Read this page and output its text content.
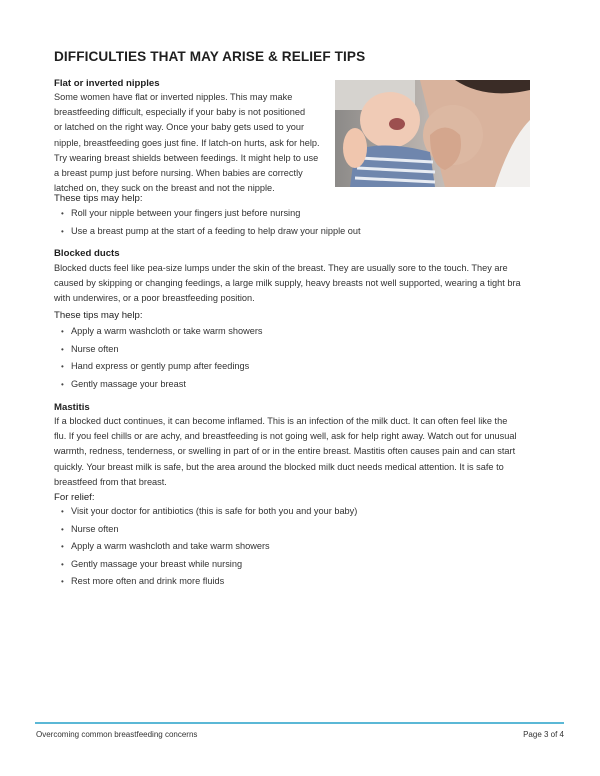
DIFFICULTIES THAT MAY ARISE & RELIEF TIPS
Flat or inverted nipples
Some women have flat or inverted nipples. This may make
breastfeeding difficult, especially if your baby is not positioned
or latched on the right way. Once your baby gets used to your
nipple, breastfeeding goes just fine. If latch-on hurts, ask for help.
Try wearing breast shields between feedings. It might help to use
a breast pump just before nursing. When babies are correctly
latched on, they suck on the breast and not the nipple.
These tips may help:
• Roll your nipple between your fingers just before nursing
• Use a breast pump at the start of a feeding to help draw your nipple out
Blocked ducts
Blocked ducts feel like pea-size lumps under the skin of the breast. They are usually sore to the touch. They are
caused by skipping or changing feedings, a large milk supply, heavy breasts not well supported, wearing a tight bra
with underwires, or a poor breastfeeding position.
These tips may help:
• Apply a warm washcloth or take warm showers
• Nurse often
• Hand express or gently pump after feedings
• Gently massage your breast
Mastitis
If a blocked duct continues, it can become inflamed. This is an infection of the milk duct. It can often feel like the
flu. If you feel chills or are achy, and breastfeeding is not going well, ask for help right away. Watch out for unusual
warmth, redness, tenderness, or swelling in part of or in the entire breast. Mastitis often causes pain and can start
quickly. Your breast milk is safe, but the area around the blocked milk duct needs medical attention. It is safe to
breastfeed from that breast.
For relief:
• Visit your doctor for antibiotics (this is safe for both you and your baby)
• Nurse often
• Apply a warm washcloth and take warm showers
• Gently massage your breast while nursing
• Rest more often and drink more fluids
Overcoming common breastfeeding concerns	Page 3 of 4
